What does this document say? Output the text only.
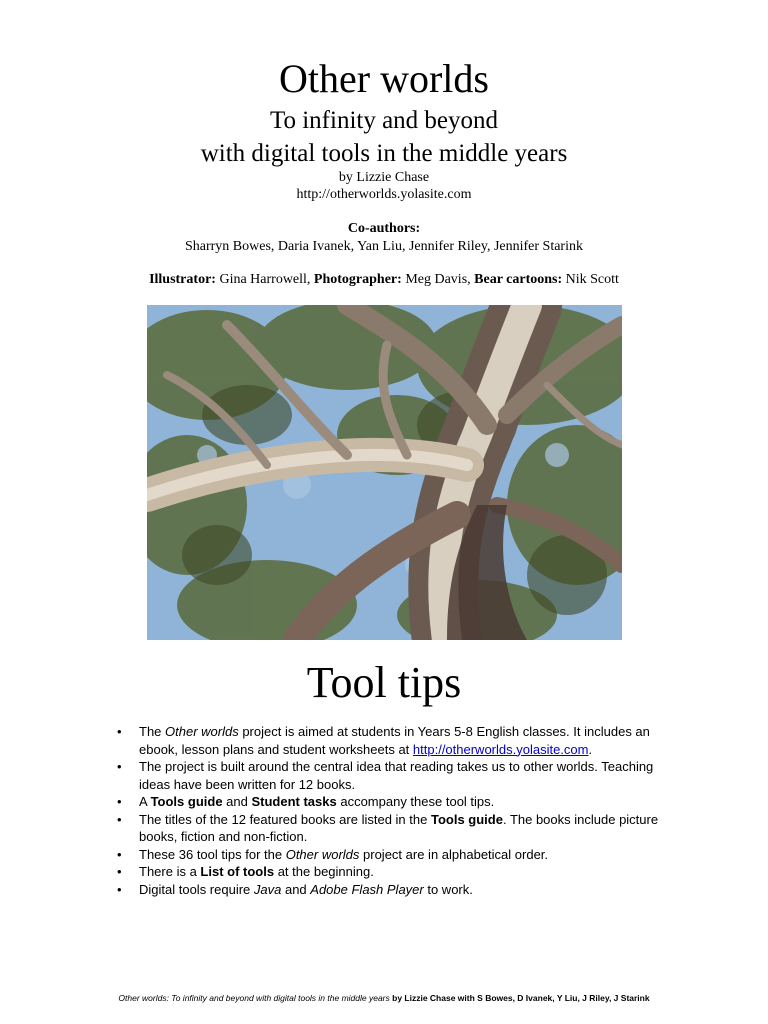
Other worlds
To infinity and beyond
with digital tools in the middle years
by Lizzie Chase
http://otherworlds.yolasite.com
Co-authors:
Sharryn Bowes, Daria Ivanek, Yan Liu, Jennifer Riley, Jennifer Starink
Illustrator: Gina Harrowell, Photographer: Meg Davis, Bear cartoons: Nik Scott
Tool tips
• The Other worlds project is aimed at students in Years 5-8 English classes. It includes an ebook, lesson plans and student worksheets at http://otherworlds.yolasite.com.
• The project is built around the central idea that reading takes us to other worlds. Teaching ideas have been written for 12 books.
• A Tools guide and Student tasks accompany these tool tips.
• The titles of the 12 featured books are listed in the Tools guide. The books include picture books, fiction and non-fiction.
• These 36 tool tips for the Other worlds project are in alphabetical order.
• There is a List of tools at the beginning.
• Digital tools require Java and Adobe Flash Player to work.
Other worlds: To infinity and beyond with digital tools in the middle years by Lizzie Chase with S Bowes, D Ivanek, Y Liu, J Riley, J Starink
